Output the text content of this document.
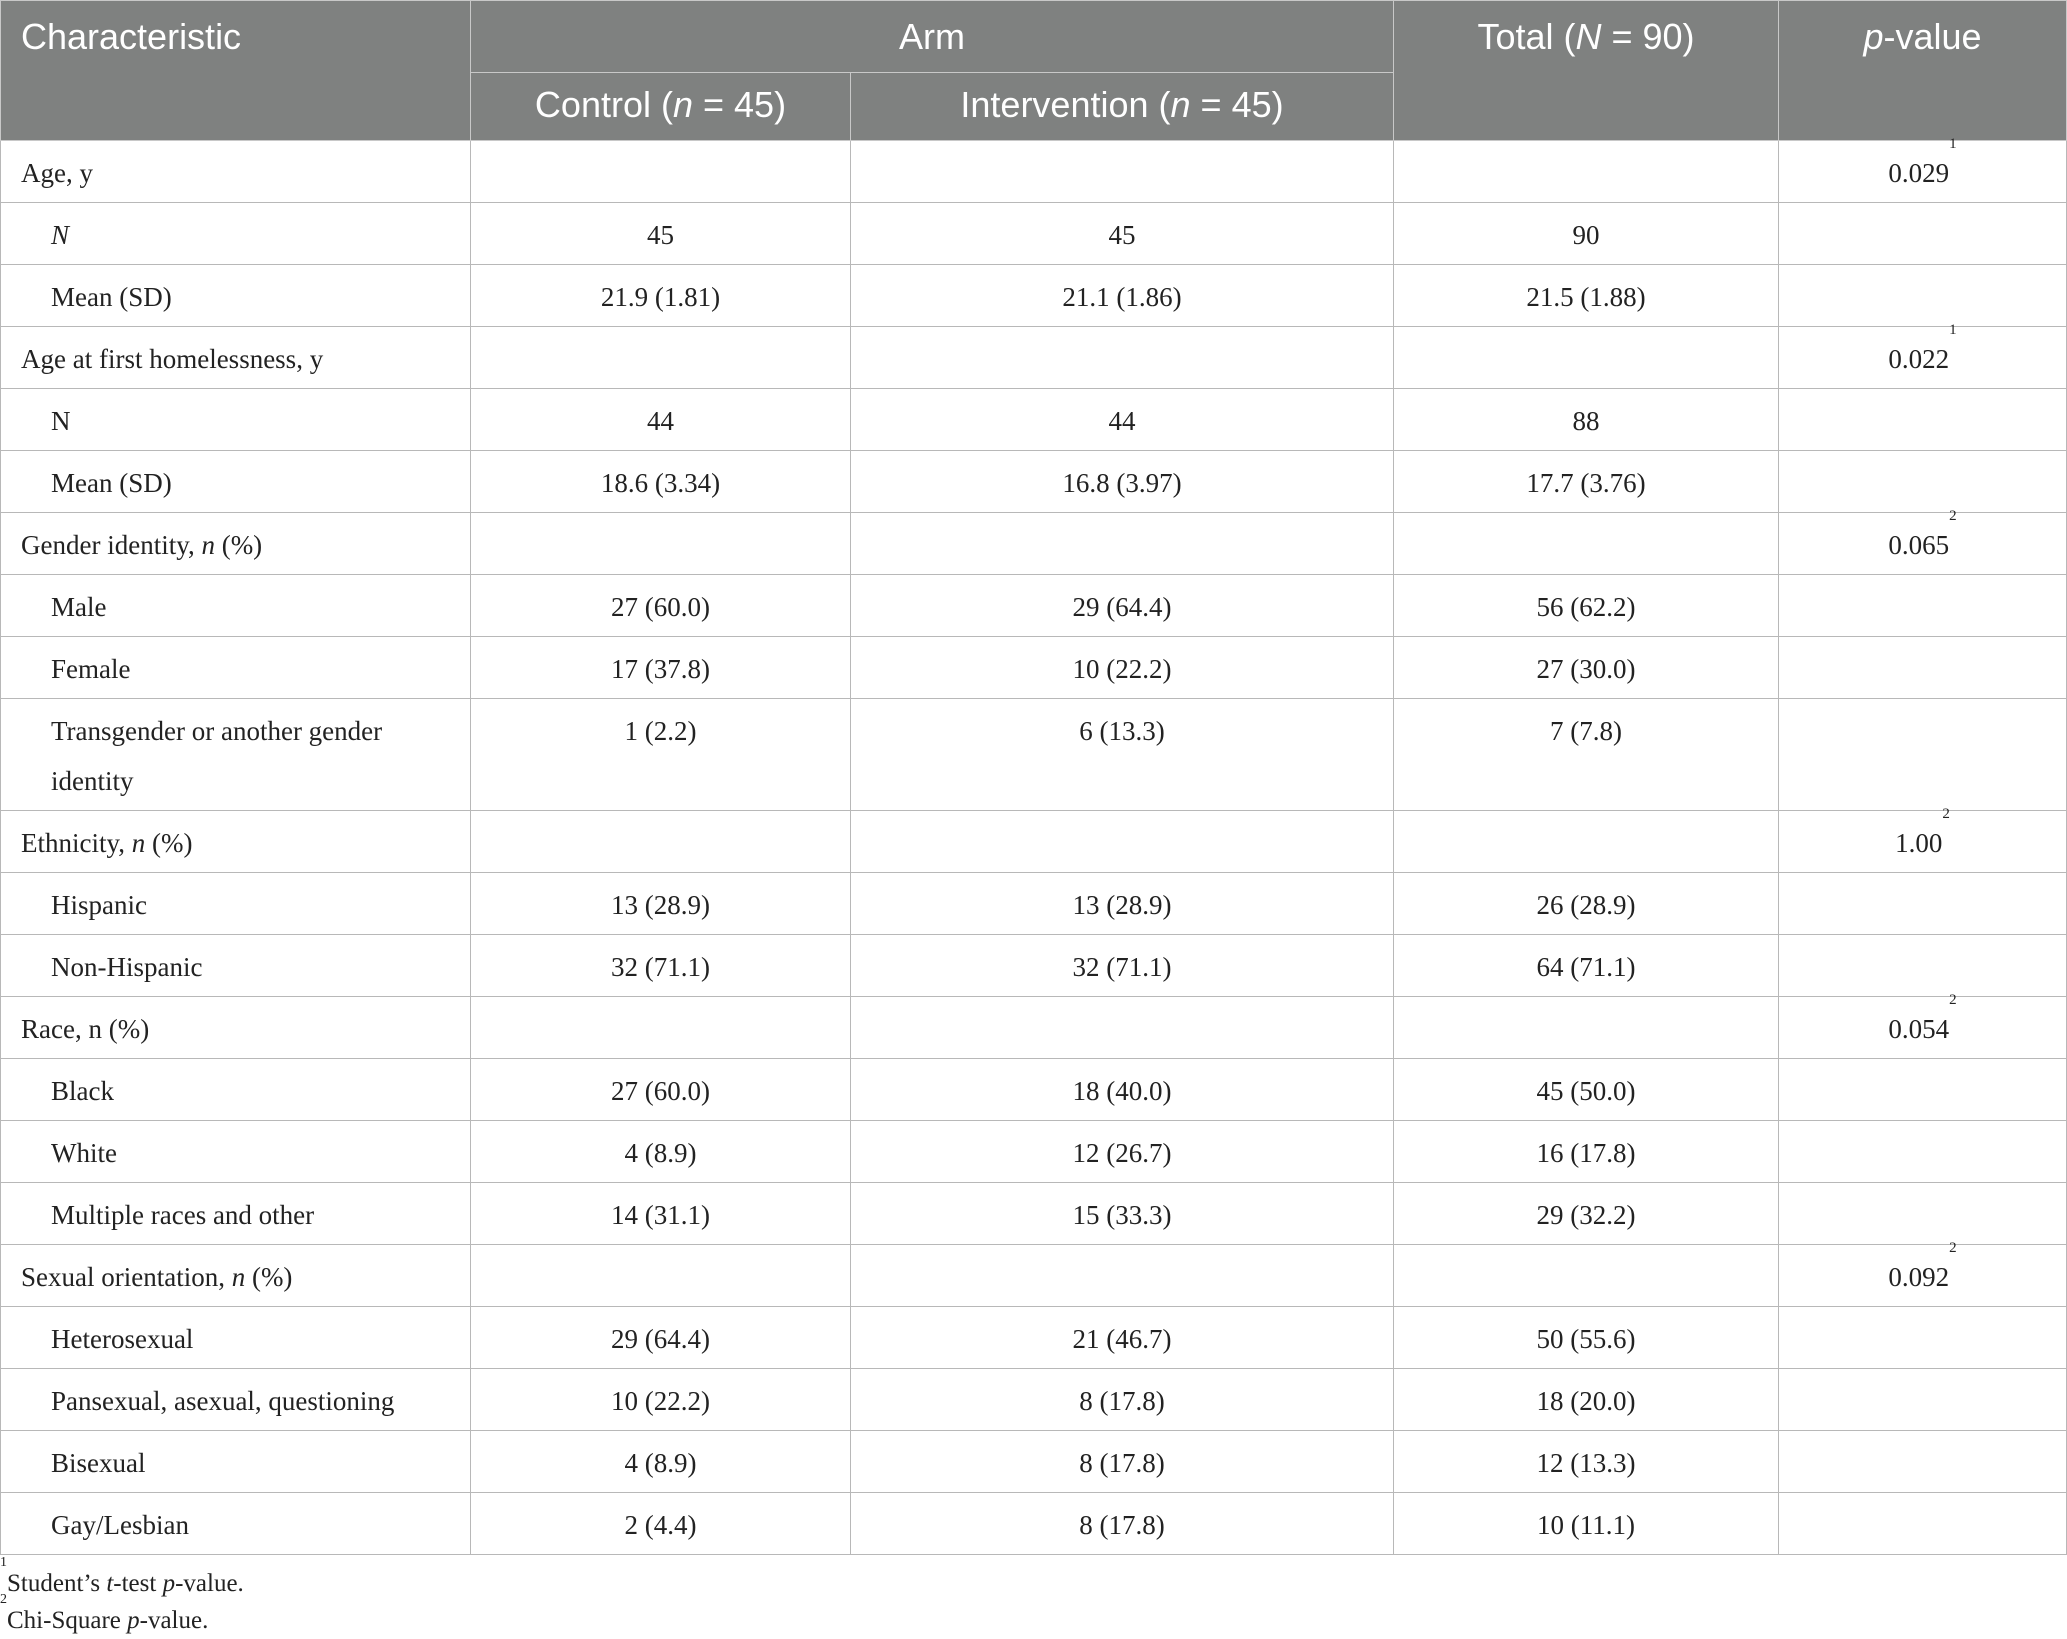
Characteristic	Arm		Total (N = 90)	p-value

	Control (n = 45)	Intervention (n = 45)		

Age, y				0.029$^1$

N	45	45	90	

Mean (SD)	21.9 (1.81)	21.1 (1.86)	21.5 (1.88)	

Age at first homelessness, y				0.022$^1$

N	44	44	88	

Mean (SD)	18.6 (3.34)	16.8 (3.97)	17.7 (3.76)	

Gender identity, n (%)				0.065$^2$

Male	27 (60.0)	29 (64.4)	56 (62.2)	

Female	17 (37.8)	10 (22.2)	27 (30.0)	

Transgender or another gender identity	1 (2.2)	6 (13.3)	7 (7.8)	

Ethnicity, n (%)				1.00$^2$

Hispanic	13 (28.9)	13 (28.9)	26 (28.9)	

Non-Hispanic	32 (71.1)	32 (71.1)	64 (71.1)	

Race, n (%)				0.054$^2$

Black	27 (60.0)	18 (40.0)	45 (50.0)	

White	4 (8.9)	12 (26.7)	16 (17.8)	

Multiple races and other	14 (31.1)	15 (33.3)	29 (32.2)	

Sexual orientation, n (%)				0.092$^2$

Heterosexual	29 (64.4)	21 (46.7)	50 (55.6)	

Pansexual, asexual, questioning	10 (22.2)	8 (17.8)	18 (20.0)	

Bisexual	4 (8.9)	8 (17.8)	12 (13.3)	

Gay/Lesbian	2 (4.4)	8 (17.8)	10 (11.1)	

$^1$Student’s t-test p-value.
$^2$Chi-Square p-value.
